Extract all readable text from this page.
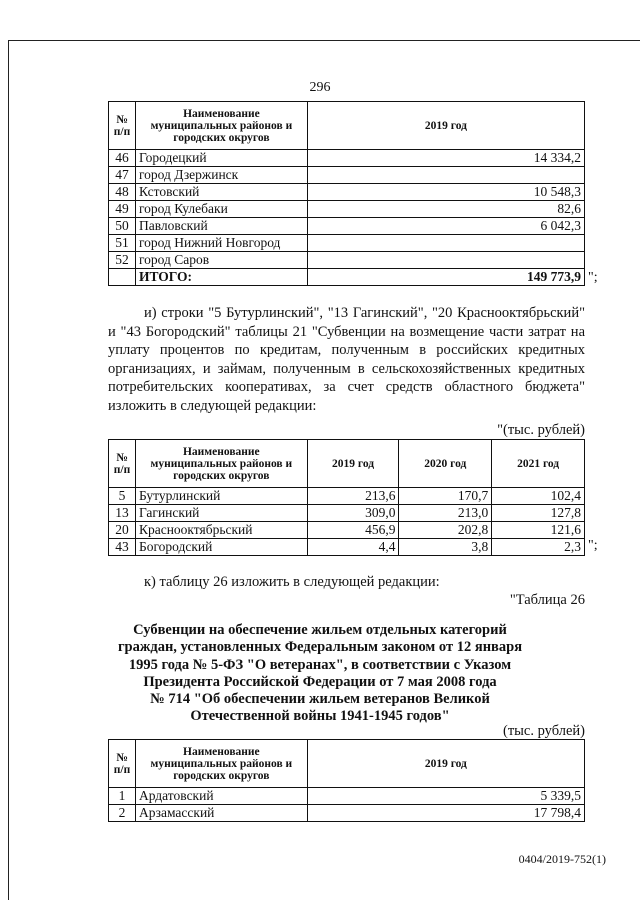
296
№ п/п	Наименование муниципальных районов и городских округов	2019 год
46	Городецкий	14 334,2
47	город Дзержинск	
48	Кстовский	10 548,3
49	город Кулебаки	82,6
50	Павловский	6 042,3
51	город Нижний Новгород	
52	город Саров	
	ИТОГО:	149 773,9 ";
и) строки "5 Бутурлинский", "13 Гагинский", "20 Краснооктябрьский" и "43 Богородский" таблицы 21 "Субвенции на возмещение части затрат на уплату процентов по кредитам, полученным в российских кредитных организациях, и займам, полученным в сельскохозяйственных кредитных потребительских кооперативах, за счет средств областного бюджета" изложить в следующей редакции:
"(тыс. рублей)
№ п/п	Наименование муниципальных районов и городских округов	2019 год	2020 год	2021 год
5	Бутурлинский	213,6	170,7	102,4
13	Гагинский	309,0	213,0	127,8
20	Краснооктябрьский	456,9	202,8	121,6
43	Богородский	4,4	3,8	2,3 ";
к) таблицу 26 изложить в следующей редакции:
"Таблица 26
Субвенции на обеспечение жильем отдельных категорий
граждан, установленных Федеральным законом от 12 января
1995 года № 5-ФЗ "О ветеранах", в соответствии с Указом
Президента Российской Федерации от 7 мая 2008 года
№ 714 "Об обеспечении жильем ветеранов Великой
Отечественной войны 1941-1945 годов"
(тыс. рублей)
№ п/п	Наименование муниципальных районов и городских округов	2019 год
1	Ардатовский	5 339,5
2	Арзамасский	17 798,4
0404/2019-752(1)
